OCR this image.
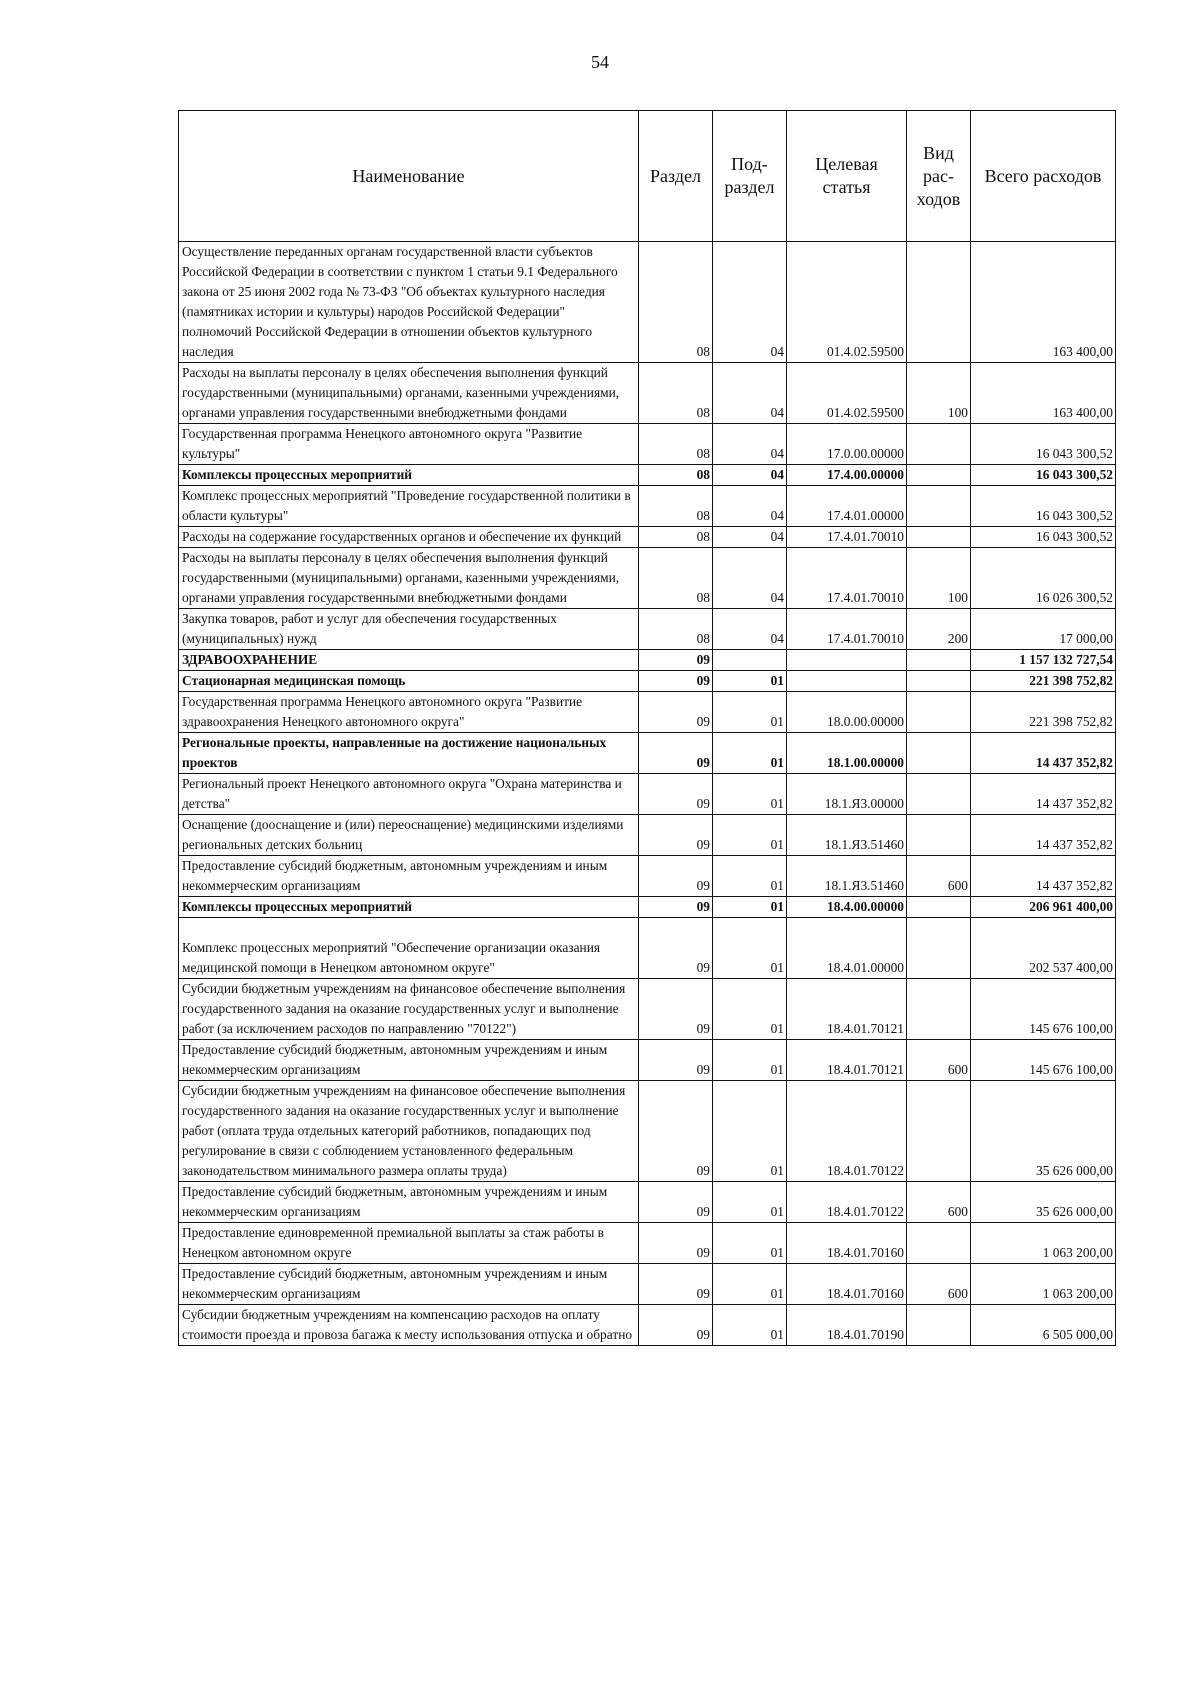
54
Наименование	Раздел	Под-раздел	Целевая статья	Вид рас-ходов	Всего расходов
Осуществление переданных органам государственной власти субъектов Российской Федерации в соответствии с пунктом 1 статьи 9.1 Федерального закона от 25 июня 2002 года № 73-ФЗ "Об объектах культурного наследия (памятниках истории и культуры) народов Российской Федерации" полномочий Российской Федерации в отношении объектов культурного наследия	08	04	01.4.02.59500		163 400,00
Расходы на выплаты персоналу в целях обеспечения выполнения функций государственными (муниципальными) органами, казенными учреждениями, органами управления государственными внебюджетными фондами	08	04	01.4.02.59500	100	163 400,00
Государственная программа Ненецкого автономного округа "Развитие культуры"	08	04	17.0.00.00000		16 043 300,52
Комплексы процессных мероприятий	08	04	17.4.00.00000		16 043 300,52
Комплекс процессных мероприятий "Проведение государственной политики в области культуры"	08	04	17.4.01.00000		16 043 300,52
Расходы на содержание государственных органов и обеспечение их функций	08	04	17.4.01.70010		16 043 300,52
Расходы на выплаты персоналу в целях обеспечения выполнения функций государственными (муниципальными) органами, казенными учреждениями, органами управления государственными внебюджетными фондами	08	04	17.4.01.70010	100	16 026 300,52
Закупка товаров, работ и услуг для обеспечения государственных (муниципальных) нужд	08	04	17.4.01.70010	200	17 000,00
ЗДРАВООХРАНЕНИЕ	09				1 157 132 727,54
Стационарная медицинская помощь	09	01			221 398 752,82
Государственная программа Ненецкого автономного округа "Развитие здравоохранения Ненецкого автономного округа"	09	01	18.0.00.00000		221 398 752,82
Региональные проекты, направленные на достижение национальных проектов	09	01	18.1.00.00000		14 437 352,82
Региональный проект Ненецкого автономного округа "Охрана материнства и детства"	09	01	18.1.Я3.00000		14 437 352,82
Оснащение (дооснащение и (или) переоснащение) медицинскими изделиями региональных детских больниц	09	01	18.1.Я3.51460		14 437 352,82
Предоставление субсидий бюджетным, автономным учреждениям и иным некоммерческим организациям	09	01	18.1.Я3.51460	600	14 437 352,82
Комплексы процессных мероприятий	09	01	18.4.00.00000		206 961 400,00
Комплекс процессных мероприятий "Обеспечение организации оказания медицинской помощи в Ненецком автономном округе"	09	01	18.4.01.00000		202 537 400,00
Субсидии бюджетным учреждениям на финансовое обеспечение выполнения государственного задания на оказание государственных услуг и выполнение работ (за исключением расходов по направлению "70122")	09	01	18.4.01.70121		145 676 100,00
Предоставление субсидий бюджетным, автономным учреждениям и иным некоммерческим организациям	09	01	18.4.01.70121	600	145 676 100,00
Субсидии бюджетным учреждениям на финансовое обеспечение выполнения государственного задания на оказание государственных услуг и выполнение работ (оплата труда отдельных категорий работников, попадающих под регулирование в связи с соблюдением установленного федеральным законодательством минимального размера оплаты труда)	09	01	18.4.01.70122		35 626 000,00
Предоставление субсидий бюджетным, автономным учреждениям и иным некоммерческим организациям	09	01	18.4.01.70122	600	35 626 000,00
Предоставление единовременной премиальной выплаты за стаж работы в Ненецком автономном округе	09	01	18.4.01.70160		1 063 200,00
Предоставление субсидий бюджетным, автономным учреждениям и иным некоммерческим организациям	09	01	18.4.01.70160	600	1 063 200,00
Субсидии бюджетным учреждениям на компенсацию расходов на оплату стоимости проезда и провоза багажа к месту использования отпуска и обратно	09	01	18.4.01.70190		6 505 000,00
